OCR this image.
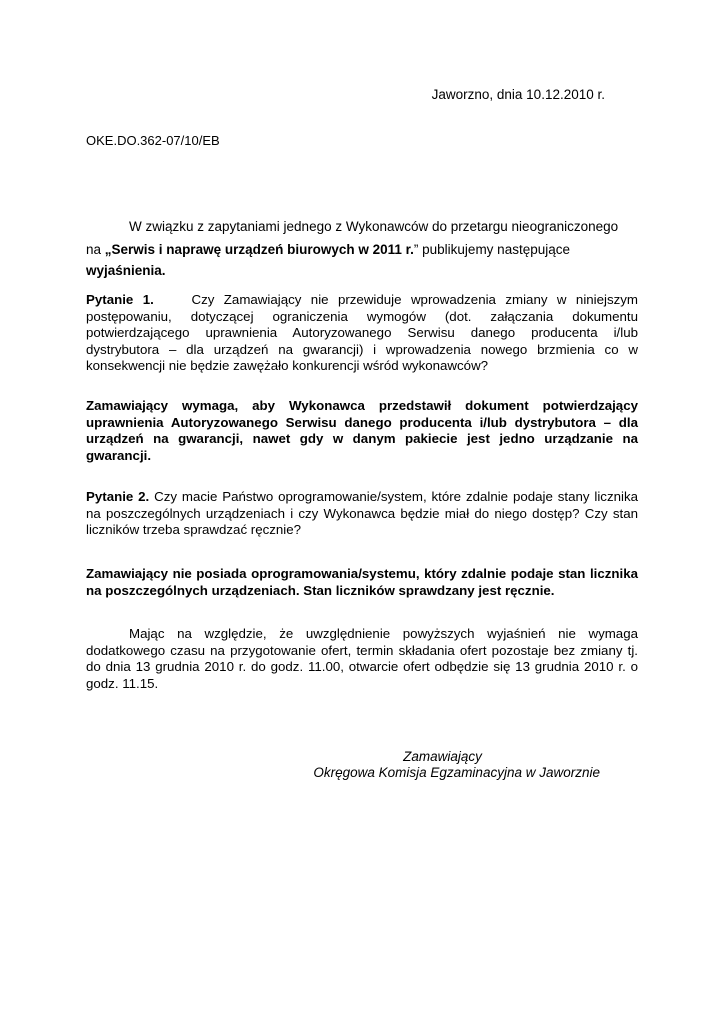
Jaworzno, dnia 10.12.2010 r.

OKE.DO.362-07/10/EB

W związku z zapytaniami jednego z Wykonawców do przetargu nieograniczonego

na „Serwis i naprawę urządzeń biurowych w 2011 r.” publikujemy następujące

wyjaśnienia.

Pytanie 1.	Czy Zamawiający nie przewiduje wprowadzenia zmiany w niniejszym postępowaniu, dotyczącej ograniczenia wymogów (dot. załączania dokumentu potwierdzającego uprawnienia Autoryzowanego Serwisu danego producenta i/lub dystrybutora – dla urządzeń na gwarancji) i wprowadzenia nowego brzmienia co w konsekwencji nie będzie zawężało konkurencji wśród wykonawców?

Zamawiający wymaga, aby Wykonawca przedstawił dokument potwierdzający uprawnienia Autoryzowanego Serwisu danego producenta i/lub dystrybutora – dla urządzeń na gwarancji, nawet gdy w danym pakiecie jest jedno urządzanie na gwarancji.

Pytanie 2. Czy macie Państwo oprogramowanie/system, które zdalnie podaje stany licznika na poszczególnych urządzeniach i czy Wykonawca będzie miał do niego dostęp? Czy stan liczników trzeba sprawdzać ręcznie?

Zamawiający nie posiada oprogramowania/systemu, który zdalnie podaje stan licznika na poszczególnych urządzeniach. Stan liczników sprawdzany jest ręcznie.

Mając na względzie, że uwzględnienie powyższych wyjaśnień nie wymaga dodatkowego czasu na przygotowanie ofert, termin składania ofert pozostaje bez zmiany tj. do dnia 13 grudnia 2010 r. do godz. 11.00, otwarcie ofert odbędzie się 13 grudnia 2010 r. o godz. 11.15.

Zamawiający

Okręgowa Komisja Egzaminacyjna w Jaworznie
